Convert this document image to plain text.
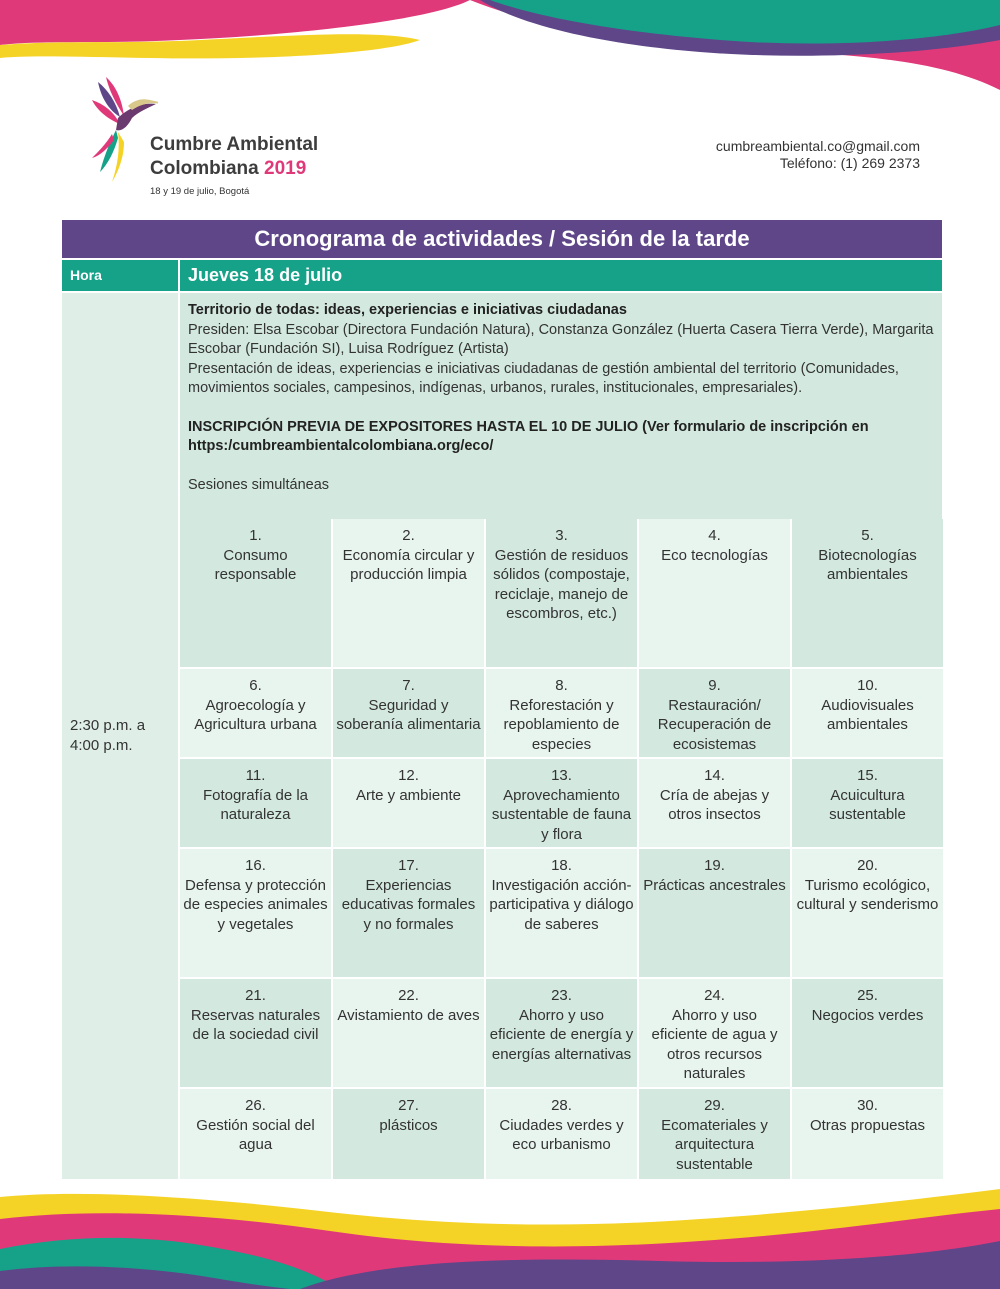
Cumbre Ambiental
Colombiana 2019
18 y 19 de julio, Bogotá
cumbreambiental.co@gmail.com
Teléfono: (1) 269 2373
Cronograma de actividades / Sesión de la tarde
Hora	Jueves 18 de julio
2:30 p.m. a 4:00 p.m.

Territorio de todas: ideas, experiencias e iniciativas ciudadanas

Presiden: Elsa Escobar (Directora Fundación Natura), Constanza González (Huerta Casera Tierra Verde), Margarita Escobar (Fundación SI), Luisa Rodríguez (Artista)

Presentación de ideas, experiencias e iniciativas ciudadanas de gestión ambiental del territorio (Comunidades, movimientos sociales, campesinos, indígenas, urbanos, rurales, institucionales, empresariales).

INSCRIPCIÓN PREVIA DE EXPOSITORES HASTA EL 10 DE JULIO (Ver formulario de inscripción en https:/cumbreambientalcolombiana.org/eco/

Sesiones simultáneas

1.
Consumo responsable
2.
Economía circular y producción limpia
3.
Gestión de residuos sólidos (compostaje, reciclaje, manejo de escombros, etc.)
4.
Eco tecnologías
5.
Biotecnologías ambientales
6.
Agroecología y Agricultura urbana
7.
Seguridad y soberanía alimentaria
8.
Reforestación y repoblamiento de especies
9.
Restauración/ Recuperación de ecosistemas
10.
Audiovisuales ambientales
11.
Fotografía de la naturaleza
12.
Arte y ambiente
13.
Aprovechamiento sustentable de fauna y flora
14.
Cría de abejas y otros insectos
15.
Acuicultura sustentable
16.
Defensa y protección de especies animales y vegetales
17.
Experiencias educativas formales y no formales
18.
Investigación acción-participativa y diálogo de saberes
19.
Prácticas ancestrales
20.
Turismo ecológico, cultural y senderismo
21.
Reservas naturales de la sociedad civil
22.
Avistamiento de aves
23.
Ahorro y uso eficiente de energía y energías alternativas
24.
Ahorro y uso eficiente de agua y otros recursos naturales
25.
Negocios verdes
26.
Gestión social del agua
27.
plásticos
28.
Ciudades verdes y eco urbanismo
29.
Ecomateriales y arquitectura sustentable
30.
Otras propuestas
